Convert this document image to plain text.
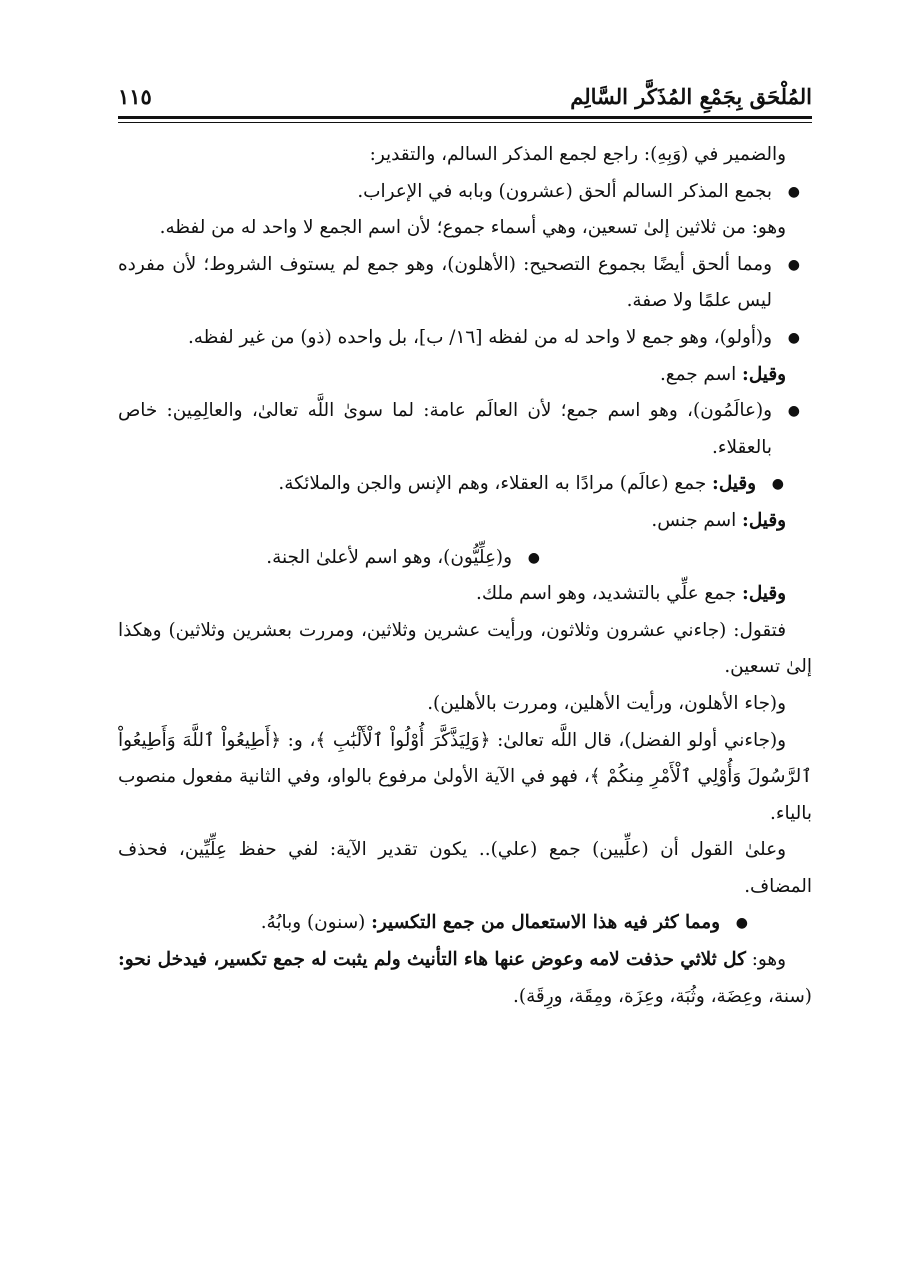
المُلْحَق بِجَمْعِ المُذَكَّر السَّالِم
١١٥

والضمير في (وَبِهِ): راجع لجمع المذكر السالم، والتقدير:

●
بجمع المذكر السالم ألحق (عشرون) وبابه في الإعراب.

وهو: من ثلاثين إلىٰ تسعين، وهي أسماء جموع؛ لأن اسم الجمع لا واحد له من لفظه.

●
ومما ألحق أيضًا بجموع التصحيح: (الأهلون)، وهو جمع لم يستوف الشروط؛ لأن مفرده ليس علمًا ولا صفة.

●
و(أولو)، وهو جمع لا واحد له من لفظه [١٦/ ب]، بل واحده (ذو) من غير لفظه.

وقيل: اسم جمع.

●
و(عالَمُون)، وهو اسم جمع؛ لأن العالَم عامة: لما سوىٰ اللَّه تعالىٰ، والعالِمِين: خاص بالعقلاء.

●
وقيل: جمع (عالَم) مرادًا به العقلاء، وهم الإنس والجن والملائكة.

وقيل: اسم جنس.

●
و(عِلِّيُّون)، وهو اسم لأعلىٰ الجنة.

وقيل: جمع علِّي بالتشديد، وهو اسم ملك.

فتقول: (جاءني عشرون وثلاثون، ورأيت عشرين وثلاثين، ومررت بعشرين وثلاثين) وهكذا إلىٰ تسعين.

و(جاء الأهلون، ورأيت الأهلين، ومررت بالأهلين).

و(جاءني أولو الفضل)، قال اللَّه تعالىٰ: ﴿وَلِيَذَّكَّرَ أُوْلُواْ ٱلْأَلْبَٰبِ ﴾، و: ﴿أَطِيعُواْ ٱللَّهَ وَأَطِيعُواْ ٱلرَّسُولَ وَأُوْلِي ٱلْأَمْرِ مِنكُمْ ﴾، فهو في الآية الأولىٰ مرفوع بالواو، وفي الثانية مفعول منصوب بالياء.

وعلىٰ القول أن (علِّيين) جمع (علي).. يكون تقدير الآية: لفي حفظ عِلِّيِّين، فحذف المضاف.

●
ومما كثر فيه هذا الاستعمال من جمع التكسير: (سنون) وبابُهُ.

وهو: كل ثلاثي حذفت لامه وعوض عنها هاء التأنيث ولم يثبت له جمع تكسير، فيدخل نحو: (سنة، وعِضَة، وثُبَة، وعِزَة، ومِقَة، ورِقَة).
